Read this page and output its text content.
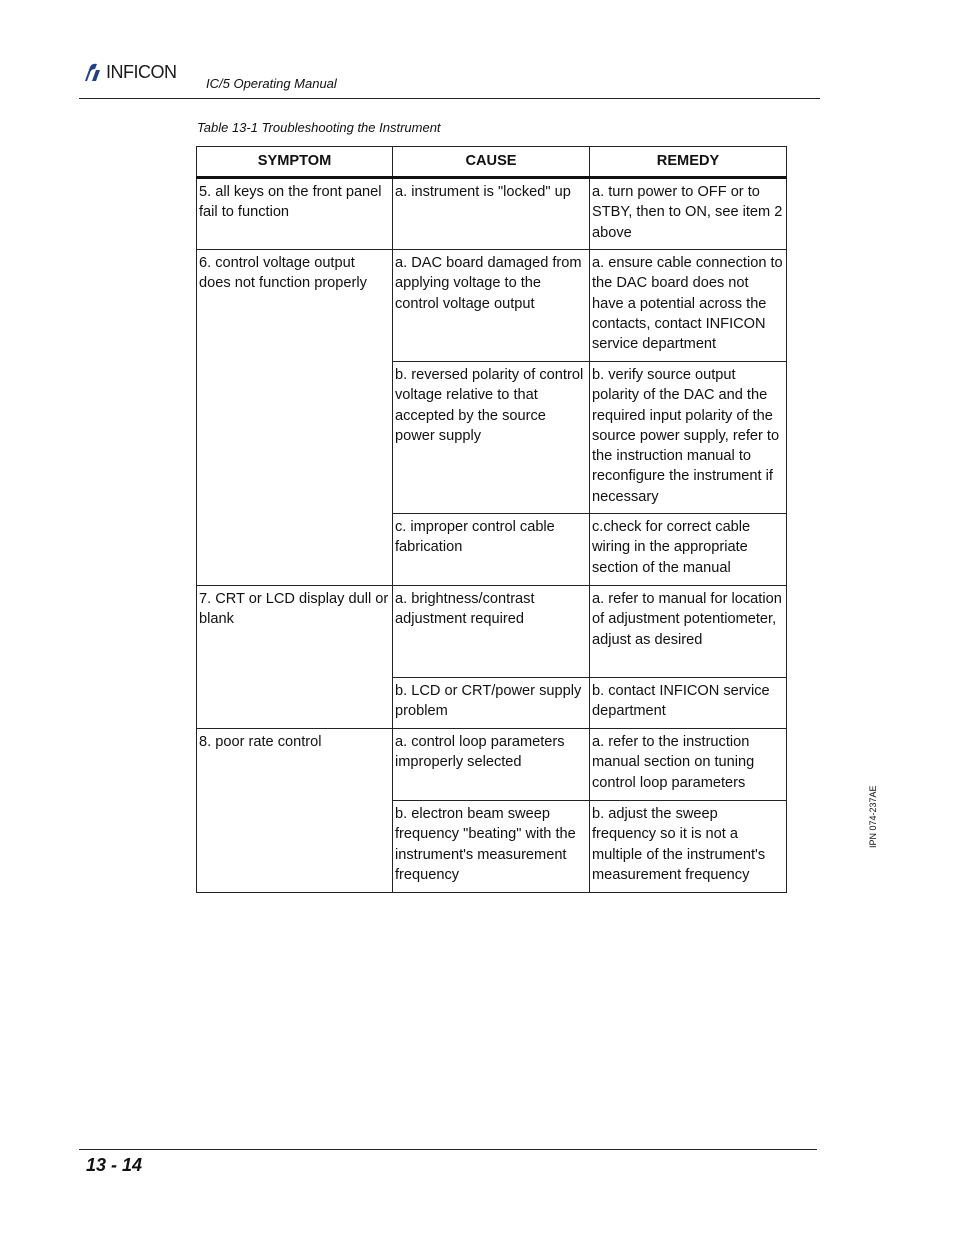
INFICON
IC/5 Operating Manual
Table 13-1 Troubleshooting the Instrument
SYMPTOM	CAUSE	REMEDY
5. all keys on the front panel fail to function	a. instrument is "locked" up	a. turn power to OFF or to STBY, then to ON, see item 2 above
6. control voltage output does not function properly	a. DAC board damaged from applying voltage to the control voltage output	a. ensure cable connection to the DAC board does not have a potential across the contacts, contact INFICON service department
	b. reversed polarity of control voltage relative to that accepted by the source power supply	b. verify source output polarity of the DAC and the required input polarity of the source power supply, refer to the instruction manual to reconfigure the instrument if necessary
	c. improper control cable fabrication	c.check for correct cable wiring in the appropriate section of the manual
7. CRT or LCD display dull or blank	a. brightness/contrast adjustment required	a. refer to manual for location of adjustment potentiometer, adjust as desired
	b. LCD or CRT/power supply problem	b. contact INFICON service department
8. poor rate control	a. control loop parameters improperly selected	a. refer to the instruction manual section on tuning control loop parameters
	b. electron beam sweep frequency "beating" with the instrument's measurement frequency	b. adjust the sweep frequency so it is not a multiple of the instrument's measurement frequency
IPN 074-237AE
13 - 14
